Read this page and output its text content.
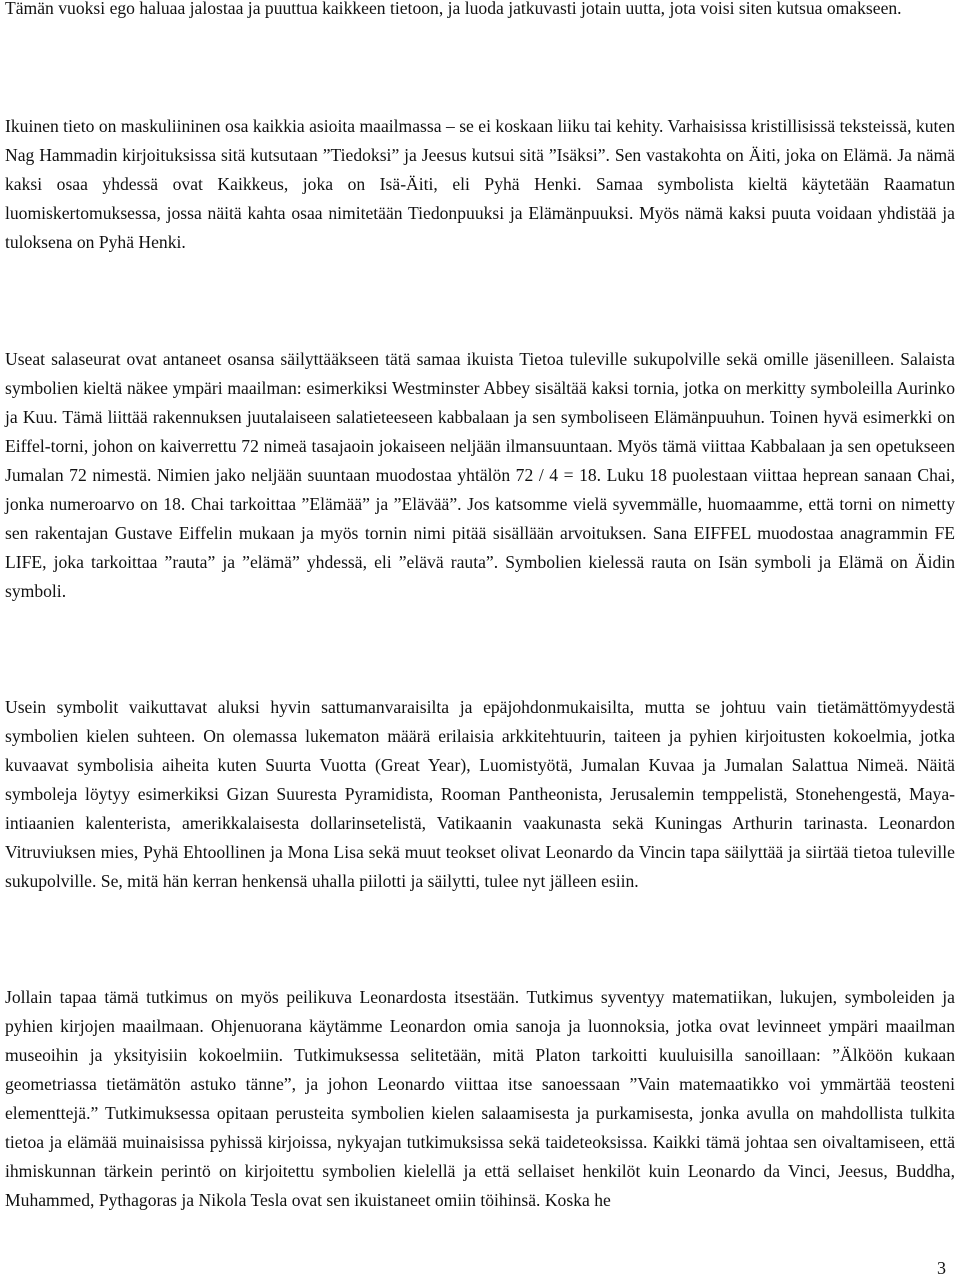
Tämän vuoksi ego haluaa jalostaa ja puuttua kaikkeen tietoon, ja luoda jatkuvasti jotain uutta, jota voisi siten kutsua omakseen.

Ikuinen tieto on maskuliininen osa kaikkia asioita maailmassa – se ei koskaan liiku tai kehity. Varhaisissa kristillisissä teksteissä, kuten Nag Hammadin kirjoituksissa sitä kutsutaan ”Tiedoksi” ja Jeesus kutsui sitä ”Isäksi”. Sen vastakohta on Äiti, joka on Elämä. Ja nämä kaksi osaa yhdessä ovat Kaikkeus, joka on Isä-Äiti, eli Pyhä Henki. Samaa symbolista kieltä käytetään Raamatun luomiskertomuksessa, jossa näitä kahta osaa nimitetään Tiedonpuuksi ja Elämänpuuksi. Myös nämä kaksi puuta voidaan yhdistää ja tuloksena on Pyhä Henki.

Useat salaseurat ovat antaneet osansa säilyttääkseen tätä samaa ikuista Tietoa tuleville sukupolville sekä omille jäsenilleen. Salaista symbolien kieltä näkee ympäri maailman: esimerkiksi Westminster Abbey sisältää kaksi tornia, jotka on merkitty symboleilla Aurinko ja Kuu. Tämä liittää rakennuksen juutalaiseen salatieteeseen kabbalaan ja sen symboliseen Elämänpuuhun. Toinen hyvä esimerkki on Eiffel-torni, johon on kaiverrettu 72 nimeä tasajaoin jokaiseen neljään ilmansuuntaan. Myös tämä viittaa Kabbalaan ja sen opetukseen Jumalan 72 nimestä. Nimien jako neljään suuntaan muodostaa yhtälön 72 / 4 = 18. Luku 18 puolestaan viittaa heprean sanaan Chai, jonka numeroarvo on 18. Chai tarkoittaa ”Elämää” ja ”Elävää”. Jos katsomme vielä syvemmälle, huomaamme, että torni on nimetty sen rakentajan Gustave Eiffelin mukaan ja myös tornin nimi pitää sisällään arvoituksen. Sana EIFFEL muodostaa anagrammin FE LIFE, joka tarkoittaa ”rauta” ja ”elämä” yhdessä, eli ”elävä rauta”. Symbolien kielessä rauta on Isän symboli ja Elämä on Äidin symboli.

Usein symbolit vaikuttavat aluksi hyvin sattumanvaraisilta ja epäjohdonmukaisilta, mutta se johtuu vain tietämättömyydestä symbolien kielen suhteen. On olemassa lukematon määrä erilaisia arkkitehtuurin, taiteen ja pyhien kirjoitusten kokoelmia, jotka kuvaavat symbolisia aiheita kuten Suurta Vuotta (Great Year), Luomistyötä, Jumalan Kuvaa ja Jumalan Salattua Nimeä. Näitä symboleja löytyy esimerkiksi Gizan Suuresta Pyramidista, Rooman Pantheonista, Jerusalemin temppelistä, Stonehengestä, Maya-intiaanien kalenterista, amerikkalaisesta dollarinsetelistä, Vatikaanin vaakunasta sekä Kuningas Arthurin tarinasta. Leonardon Vitruviuksen mies, Pyhä Ehtoollinen ja Mona Lisa sekä muut teokset olivat Leonardo da Vincin tapa säilyttää ja siirtää tietoa tuleville sukupolville. Se, mitä hän kerran henkensä uhalla piilotti ja säilytti, tulee nyt jälleen esiin.

Jollain tapaa tämä tutkimus on myös peilikuva Leonardosta itsestään. Tutkimus syventyy matematiikan, lukujen, symboleiden ja pyhien kirjojen maailmaan. Ohjenuorana käytämme Leonardon omia sanoja ja luonnoksia, jotka ovat levinneet ympäri maailman museoihin ja yksityisiin kokoelmiin. Tutkimuksessa selitetään, mitä Platon tarkoitti kuuluisilla sanoillaan: ”Älköön kukaan geometriassa tietämätön astuko tänne”, ja johon Leonardo viittaa itse sanoessaan ”Vain matemaatikko voi ymmärtää teosteni elementtejä.” Tutkimuksessa opitaan perusteita symbolien kielen salaamisesta ja purkamisesta, jonka avulla on mahdollista tulkita tietoa ja elämää muinaisissa pyhissä kirjoissa, nykyajan tutkimuksissa sekä taideteoksissa. Kaikki tämä johtaa sen oivaltamiseen, että ihmiskunnan tärkein perintö on kirjoitettu symbolien kielellä ja että sellaiset henkilöt kuin Leonardo da Vinci, Jeesus, Buddha, Muhammed, Pythagoras ja Nikola Tesla ovat sen ikuistaneet omiin töihinsä. Koska he

3
